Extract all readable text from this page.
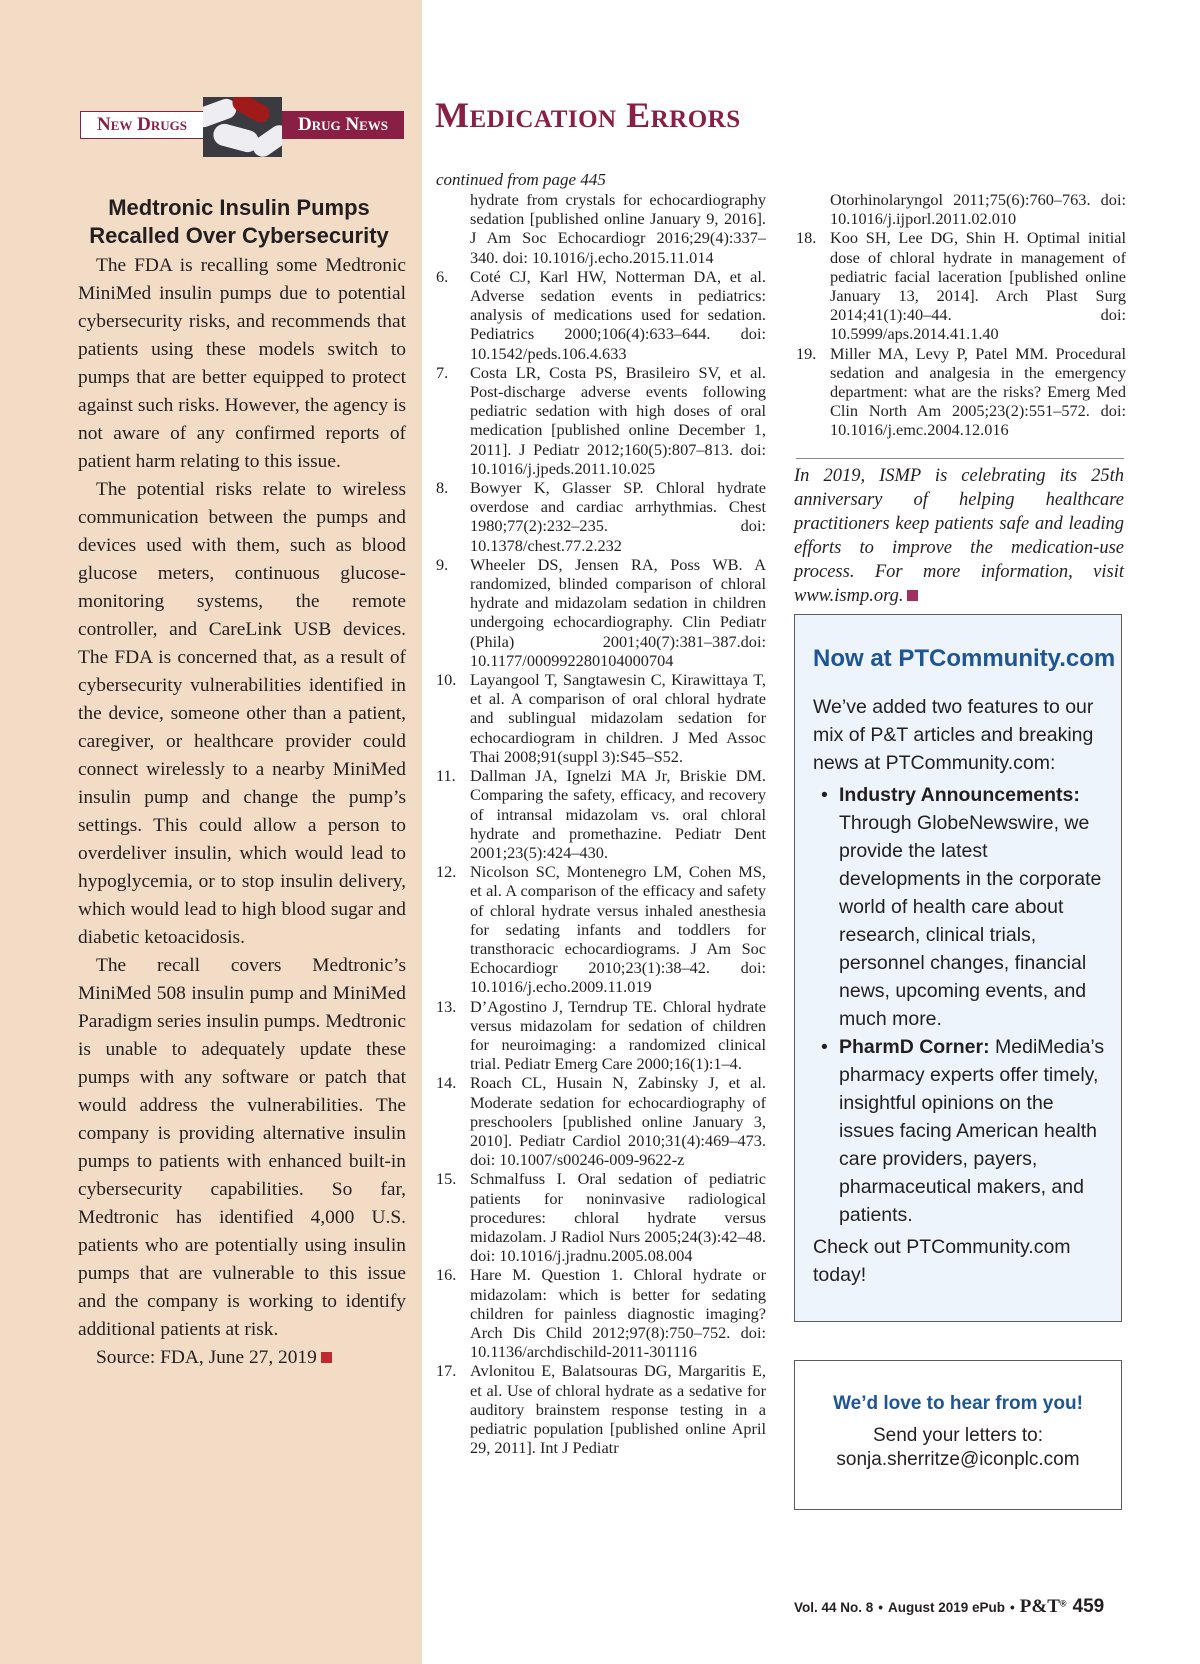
New Drugs	Drug News	Medication Errors
Medtronic Insulin Pumps Recalled Over Cybersecurity

The FDA is recalling some Medtronic MiniMed insulin pumps due to potential cybersecurity risks, and recommends that patients using these models switch to pumps that are better equipped to protect against such risks. However, the agency is not aware of any confirmed reports of patient harm relating to this issue.

The potential risks relate to wireless communication between the pumps and devices used with them, such as blood glucose meters, continuous glucose-monitoring systems, the remote controller, and CareLink USB devices. The FDA is concerned that, as a result of cybersecurity vulnerabilities identified in the device, someone other than a patient, caregiver, or healthcare provider could connect wirelessly to a nearby MiniMed insulin pump and change the pump’s settings. This could allow a person to overdeliver insulin, which would lead to hypoglycemia, or to stop insulin delivery, which would lead to high blood sugar and diabetic ketoacidosis.

The recall covers Medtronic’s MiniMed 508 insulin pump and MiniMed Paradigm series insulin pumps. Medtronic is unable to adequately update these pumps with any software or patch that would address the vulnerabilities. The company is providing alternative insulin pumps to patients with enhanced built-in cybersecurity capabilities. So far, Medtronic has identified 4,000 U.S. patients who are potentially using insulin pumps that are vulnerable to this issue and the company is working to identify additional patients at risk.

Source: FDA, June 27, 2019

continued from page 445
hydrate from crystals for echocardiography sedation [published online January 9, 2016]. J Am Soc Echocardiogr 2016;29(4):337–340. doi: 10.1016/j.echo.2015.11.014
6.	Coté CJ, Karl HW, Notterman DA, et al. Adverse sedation events in pediatrics: analysis of medications used for sedation. Pediatrics 2000;106(4):633–644. doi: 10.1542/peds.106.4.633
7.	Costa LR, Costa PS, Brasileiro SV, et al. Post-discharge adverse events following pediatric sedation with high doses of oral medication [published online December 1, 2011]. J Pediatr 2012;160(5):807–813. doi: 10.1016/j.jpeds.2011.10.025
8.	Bowyer K, Glasser SP. Chloral hydrate overdose and cardiac arrhythmias. Chest 1980;77(2):232–235. doi: 10.1378/chest.77.2.232
9.	Wheeler DS, Jensen RA, Poss WB. A randomized, blinded comparison of chloral hydrate and midazolam sedation in children undergoing echocardiography. Clin Pediatr (Phila) 2001;40(7):381–387.doi: 10.1177/000992280104000704
10. Layangool T, Sangtawesin C, Kirawittaya T, et al. A comparison of oral chloral hydrate and sublingual midazolam sedation for echocardiogram in children. J Med Assoc Thai 2008;91(suppl 3):S45–S52.
11. Dallman JA, Ignelzi MA Jr, Briskie DM. Comparing the safety, efficacy, and recovery of intransal midazolam vs. oral chloral hydrate and promethazine. Pediatr Dent 2001;23(5):424–430.
12. Nicolson SC, Montenegro LM, Cohen MS, et al. A comparison of the efficacy and safety of chloral hydrate versus inhaled anesthesia for sedating infants and toddlers for transthoracic echocardiograms. J Am Soc Echocardiogr 2010;23(1):38–42. doi: 10.1016/j.echo.2009.11.019
13. D’Agostino J, Terndrup TE. Chloral hydrate versus midazolam for sedation of children for neuroimaging: a randomized clinical trial. Pediatr Emerg Care 2000;16(1):1–4.
14. Roach CL, Husain N, Zabinsky J, et al. Moderate sedation for echocardiography of preschoolers [published online January 3, 2010]. Pediatr Cardiol 2010;31(4):469–473. doi: 10.1007/s00246-009-9622-z
15. Schmalfuss I. Oral sedation of pediatric patients for noninvasive radiological procedures: chloral hydrate versus midazolam. J Radiol Nurs 2005;24(3):42–48. doi: 10.1016/j.jradnu.2005.08.004
16. Hare M. Question 1. Chloral hydrate or midazolam: which is better for sedating children for painless diagnostic imaging? Arch Dis Child 2012;97(8):750–752. doi: 10.1136/archdischild-2011-301116
17. Avlonitou E, Balatsouras DG, Margaritis E, et al. Use of chloral hydrate as a sedative for auditory brainstem response testing in a pediatric population [published online April 29, 2011]. Int J Pediatr
Otorhinolaryngol 2011;75(6):760–763. doi: 10.1016/j.ijporl.2011.02.010
18. Koo SH, Lee DG, Shin H. Optimal initial dose of chloral hydrate in management of pediatric facial laceration [published online January 13, 2014]. Arch Plast Surg 2014;41(1):40–44. doi: 10.5999/aps.2014.41.1.40
19. Miller MA, Levy P, Patel MM. Procedural sedation and analgesia in the emergency department: what are the risks? Emerg Med Clin North Am 2005;23(2):551–572. doi: 10.1016/j.emc.2004.12.016
In 2019, ISMP is celebrating its 25th anniversary of helping healthcare practitioners keep patients safe and leading efforts to improve the medication-use process. For more information, visit www.ismp.org.
Now at PTCommunity.com

We’ve added two features to our mix of P&T articles and breaking news at PTCommunity.com:

• Industry Announcements: Through GlobeNewswire, we provide the latest developments in the corporate world of health care about research, clinical trials, personnel changes, financial news, upcoming events, and much more.
• PharmD Corner: MediMedia’s pharmacy experts offer timely, insightful opinions on the issues facing American health care providers, payers, pharmaceutical makers, and patients.

Check out PTCommunity.com today!

We’d love to hear from you!
Send your letters to:
sonja.sherritze@iconplc.com
Vol. 44 No. 8 • August 2019 ePub • P&T® 459
